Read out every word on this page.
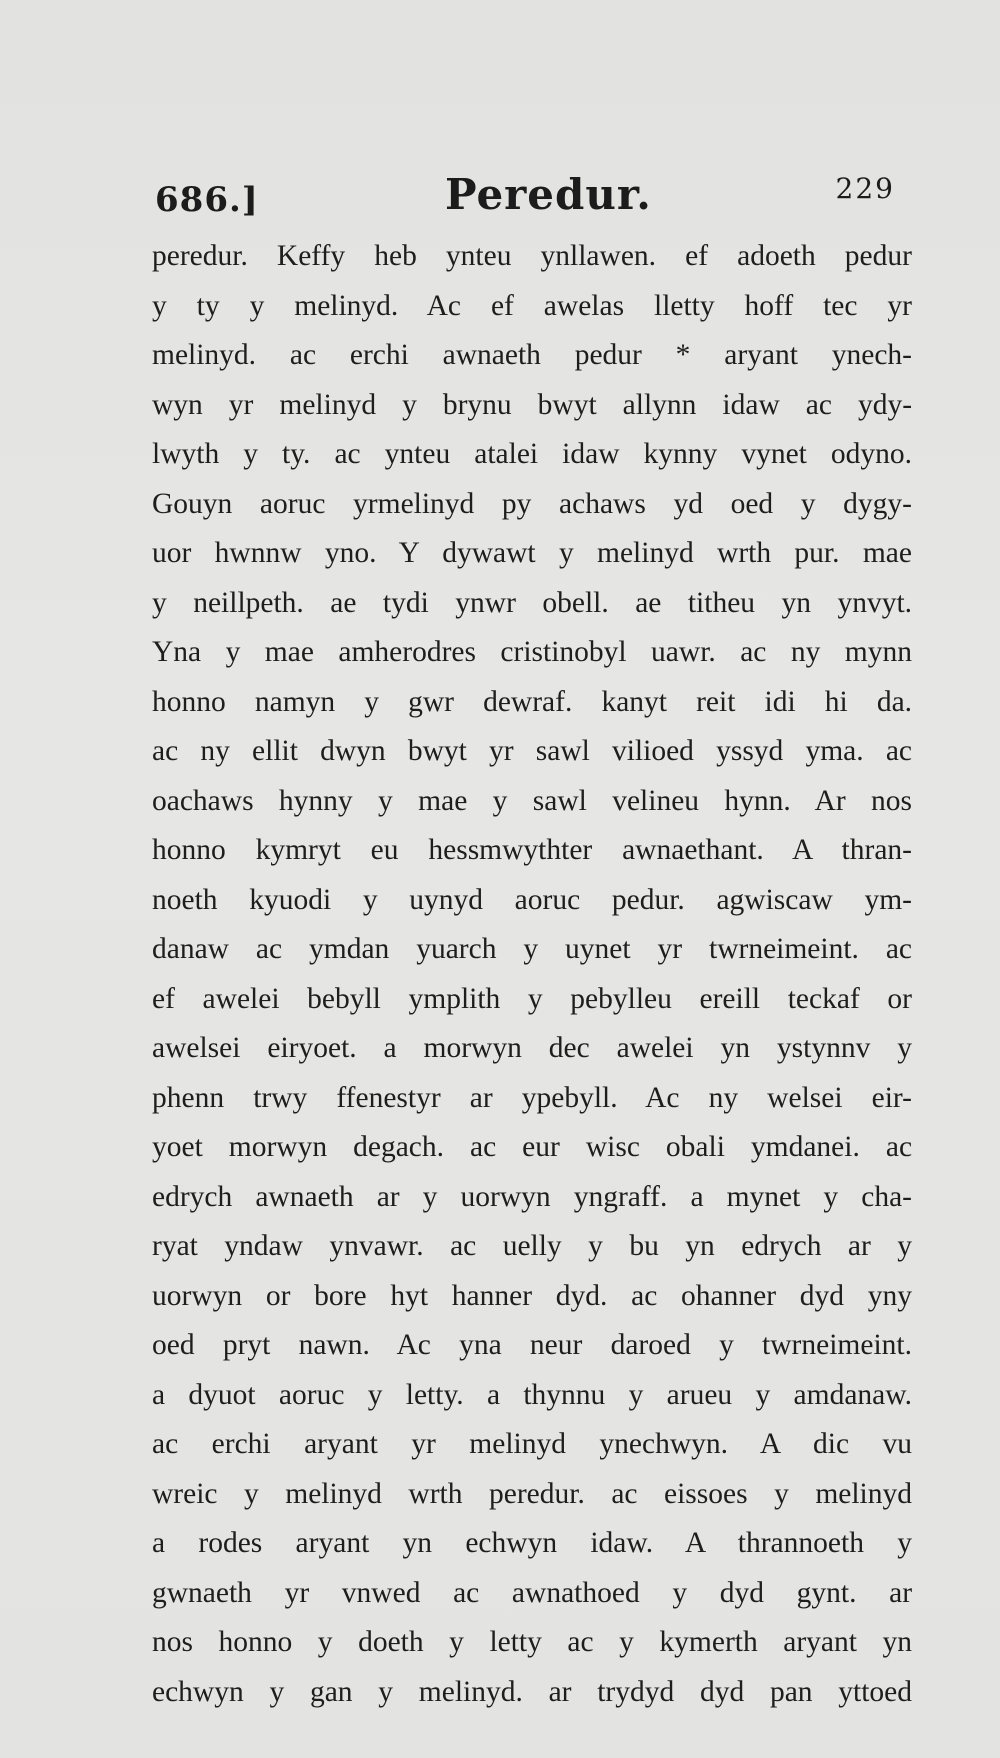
686.]	Peredur.	229
peredur. Keffy heb ynteu ynllawen. ef adoeth pedur
y ty y melinyd. Ac ef awelas lletty hoff tec yr
melinyd. ac erchi awnaeth pedur * aryant ynech-
wyn yr melinyd y brynu bwyt allynn idaw ac ydy-
lwyth y ty. ac ynteu atalei idaw kynny vynet odyno.
Gouyn aoruc yrmelinyd py achaws yd oed y dygy-
uor hwnnw yno. Y dywawt y melinyd wrth pur. mae
y neillpeth. ae tydi ynwr obell. ae titheu yn ynvyt.
Yna y mae amherodres cristinobyl uawr. ac ny mynn
honno namyn y gwr dewraf. kanyt reit idi hi da.
ac ny ellit dwyn bwyt yr sawl vilioed yssyd yma. ac
oachaws hynny y mae y sawl velineu hynn. Ar nos
honno kymryt eu hessmwythter awnaethant. A thran-
noeth kyuodi y uynyd aoruc pedur. agwiscaw ym-
danaw ac ymdan yuarch y uynet yr twrneimeint. ac
ef awelei bebyll ymplith y pebylleu ereill teckaf or
awelsei eiryoet. a morwyn dec awelei yn ystynnv y
phenn trwy ffenestyr ar ypebyll. Ac ny welsei eir-
yoet morwyn degach. ac eur wisc obali ymdanei. ac
edrych awnaeth ar y uorwyn yngraff. a mynet y cha-
ryat yndaw ynvawr. ac uelly y bu yn edrych ar y
uorwyn or bore hyt hanner dyd. ac ohanner dyd yny
oed pryt nawn. Ac yna neur daroed y twrneimeint.
a dyuot aoruc y letty. a thynnu y arueu y amdanaw.
ac erchi aryant yr melinyd ynechwyn. A dic vu
wreic y melinyd wrth peredur. ac eissoes y melinyd
a rodes aryant yn echwyn idaw. A thrannoeth y
gwnaeth yr vnwed ac awnathoed y dyd gynt. ar
nos honno y doeth y letty ac y kymerth aryant yn
echwyn y gan y melinyd. ar trydyd dyd pan yttoed
